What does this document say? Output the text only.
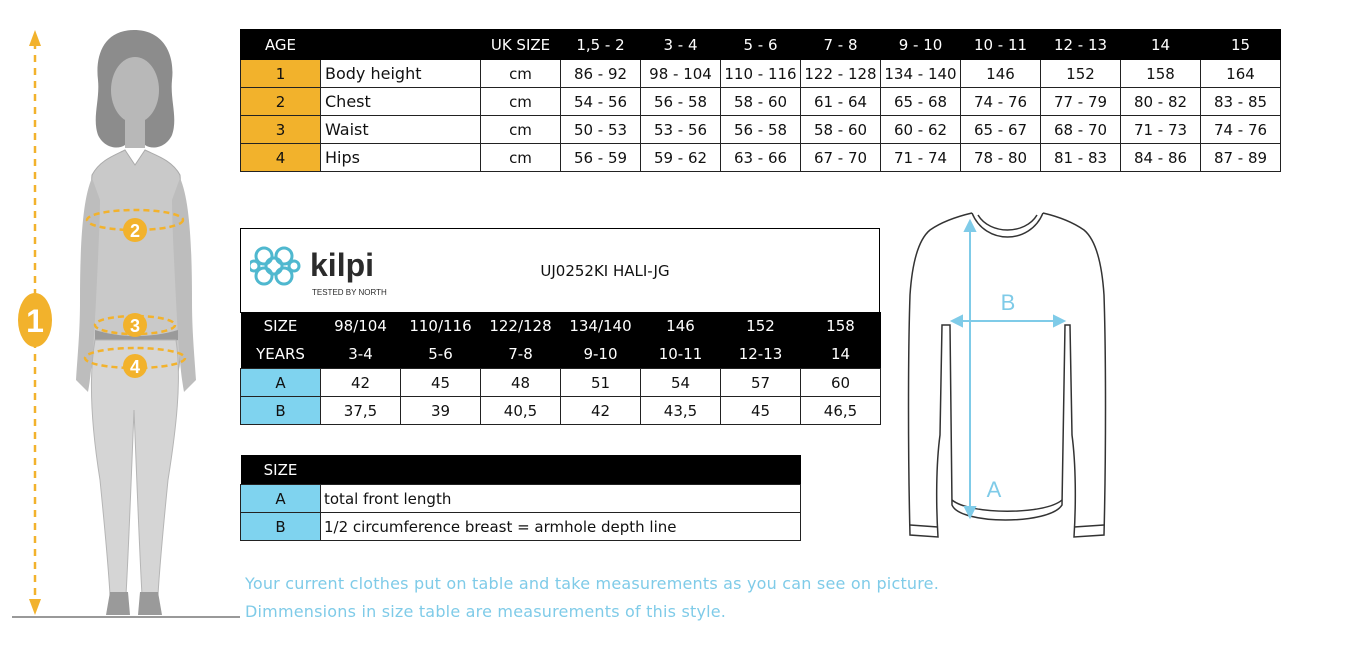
1
2
3
4
AGE		UK SIZE	1,5 - 2	3 - 4	5 - 6	7 - 8	9 - 10	10 - 11	12 - 13	14	15
1	Body height	cm	86 - 92	98 - 104	110 - 116	122 - 128	134 - 140	146	152	158	164
2	Chest	cm	54 - 56	56 - 58	58 - 60	61 - 64	65 - 68	74 - 76	77 - 79	80 - 82	83 - 85
3	Waist	cm	50 - 53	53 - 56	56 - 58	58 - 60	60 - 62	65 - 67	68 - 70	71 - 73	74 - 76
4	Hips	cm	56 - 59	59 - 62	63 - 66	67 - 70	71 - 74	78 - 80	81 - 83	84 - 86	87 - 89
kilpi
TESTED BY NORTH
UJ0252KI HALI-JG
SIZE	98/104	110/116	122/128	134/140	146	152	158
YEARS	3-4	5-6	7-8	9-10	10-11	12-13	14
A	42	45	48	51	54	57	60
B	37,5	39	40,5	42	43,5	45	46,5
SIZE	
A	total front length
B	1/2 circumference breast = armhole depth line
B
A
Your current clothes put on table and take measurements as you can see on picture.
Dimmensions in size table are measurements of this style.
